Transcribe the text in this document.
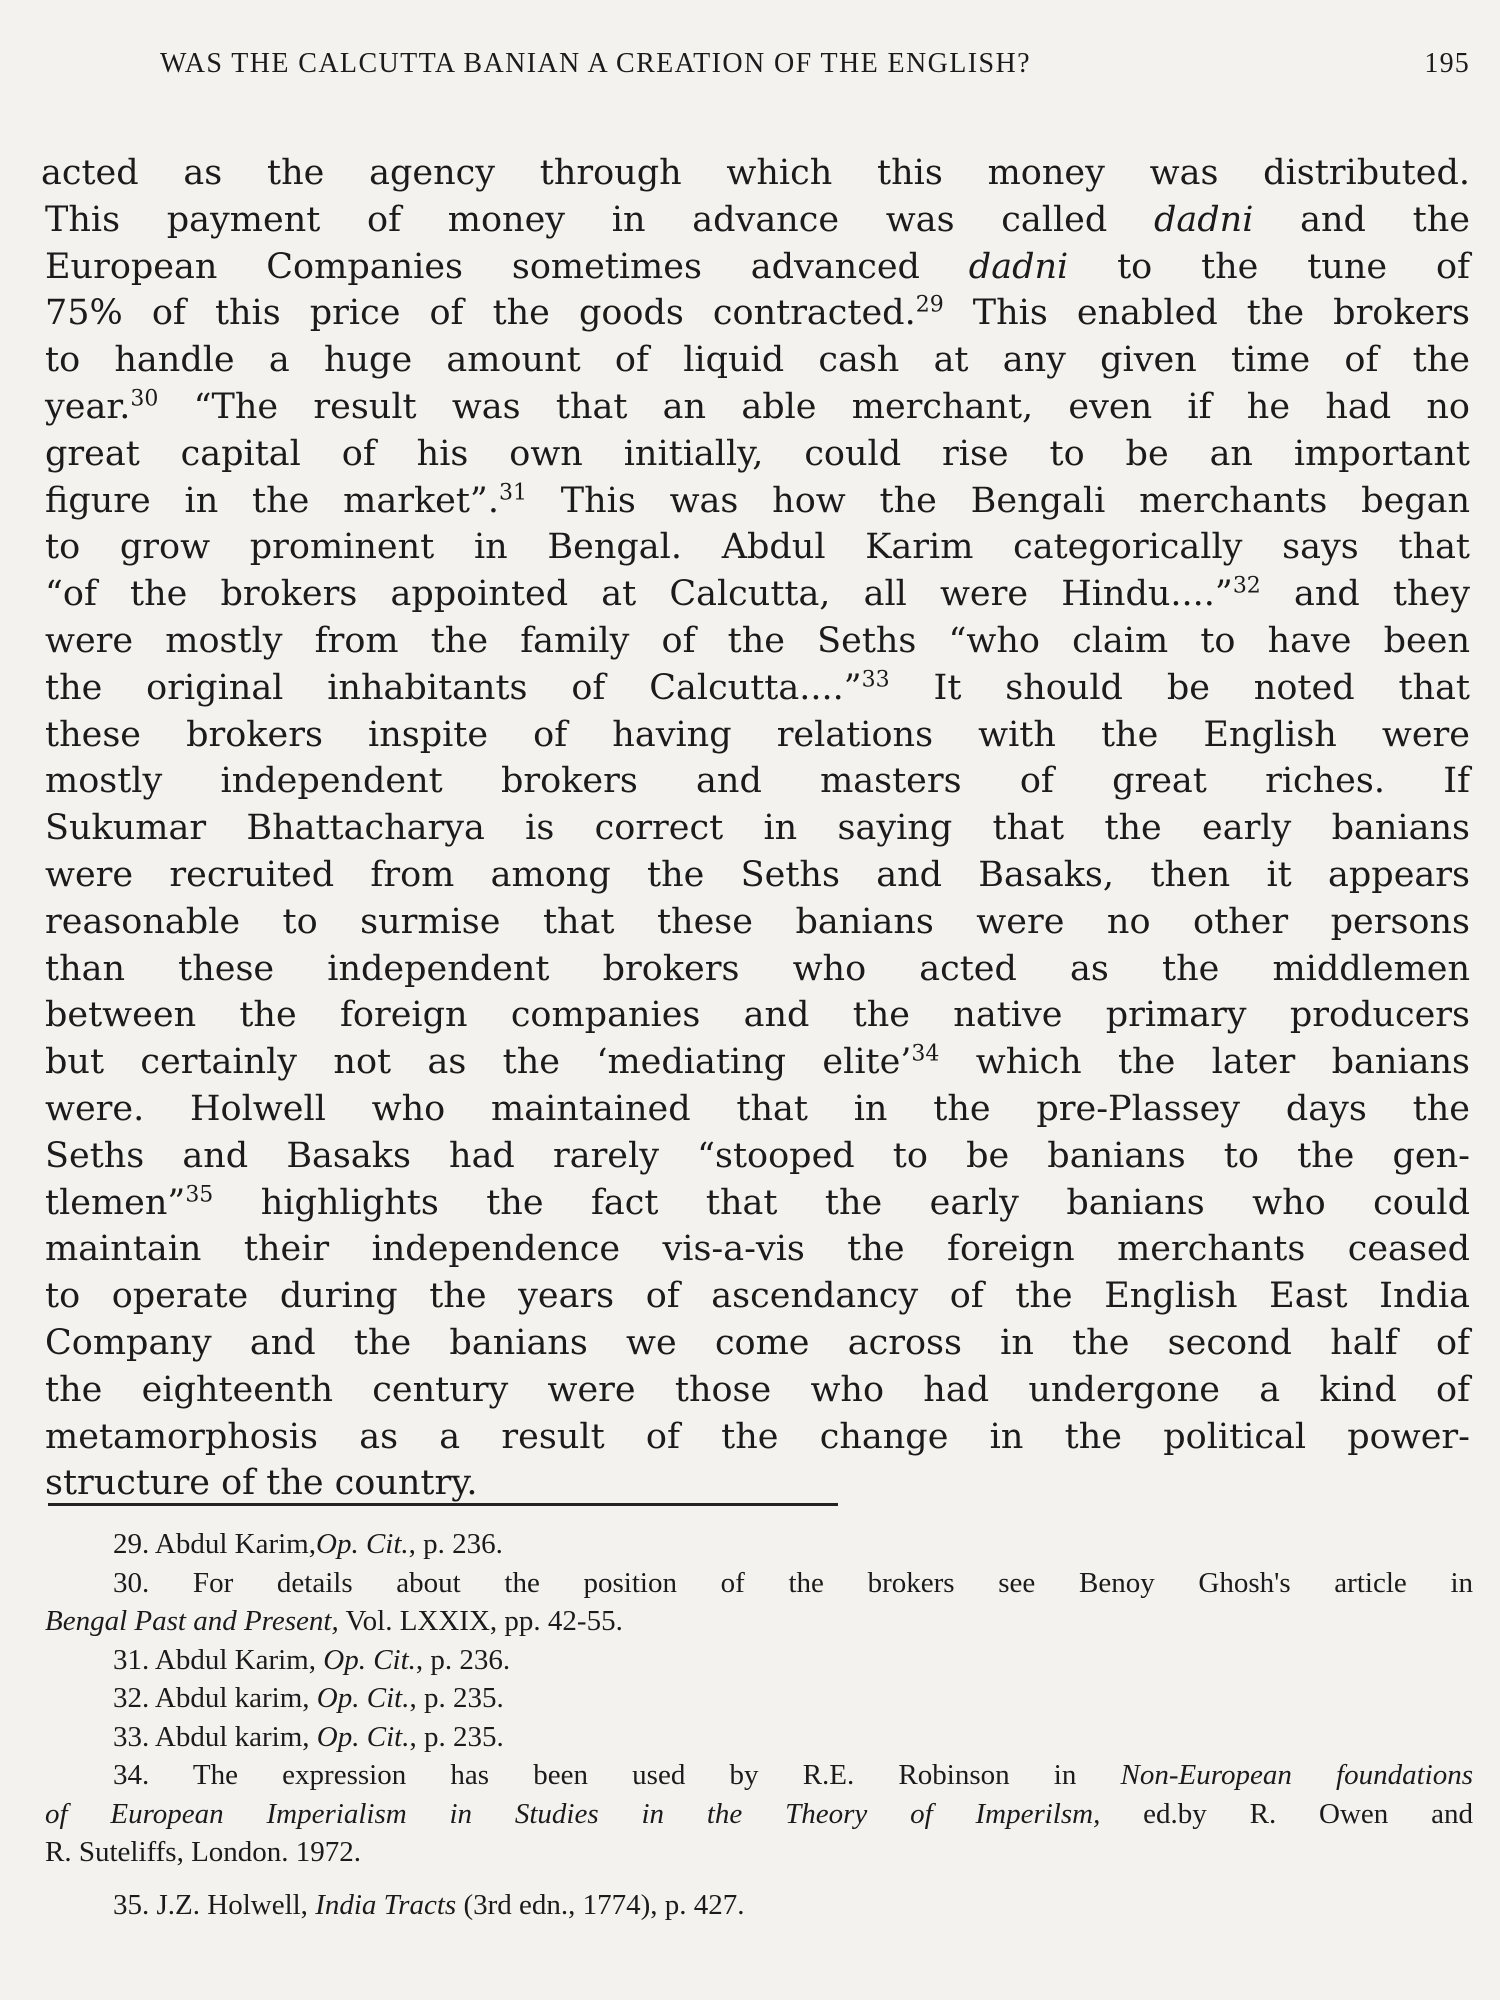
WAS THE CALCUTTA BANIAN A CREATION OF THE ENGLISH?	195
acted as the agency through which this money was distributed.
This payment of money in advance was called dadni and the
European Companies sometimes advanced dadni to the tune of
75% of this price of the goods contracted.$^{29}$ This enabled the brokers
to handle a huge amount of liquid cash at any given time of the
year.$^{30}$ “The result was that an able merchant, even if he had no
great capital of his own initially, could rise to be an important
figure in the market”.$^{31}$ This was how the Bengali merchants began
to grow prominent in Bengal. Abdul Karim categorically says that
“of the brokers appointed at Calcutta, all were Hindu....”$^{32}$ and they
were mostly from the family of the Seths “who claim to have been
the original inhabitants of Calcutta....”$^{33}$ It should be noted that
these brokers inspite of having relations with the English were
mostly independent brokers and masters of great riches. If
Sukumar Bhattacharya is correct in saying that the early banians
were recruited from among the Seths and Basaks, then it appears
reasonable to surmise that these banians were no other persons
than these independent brokers who acted as the middlemen
between the foreign companies and the native primary producers
but certainly not as the ‘mediating elite’$^{34}$ which the later banians
were. Holwell who maintained that in the pre-Plassey days the
Seths and Basaks had rarely “stooped to be banians to the gen-
tlemen”$^{35}$ highlights the fact that the early banians who could
maintain their independence vis-a-vis the foreign merchants ceased
to operate during the years of ascendancy of the English East India
Company and the banians we come across in the second half of
the eighteenth century were those who had undergone a kind of
metamorphosis as a result of the change in the political power-
structure of the country.
29. Abdul Karim,Op. Cit., p. 236.
30. For details about the position of the brokers see Benoy Ghosh's article in
Bengal Past and Present, Vol. LXXIX, pp. 42-55.
31. Abdul Karim, Op. Cit., p. 236.
32. Abdul karim, Op. Cit., p. 235.
33. Abdul karim, Op. Cit., p. 235.
34. The expression has been used by R.E. Robinson in Non-European foundations
of European Imperialism in Studies in the Theory of Imperilsm, ed.by R. Owen and
R. Suteliffs, London. 1972.
35. J.Z. Holwell, India Tracts (3rd edn., 1774), p. 427.
